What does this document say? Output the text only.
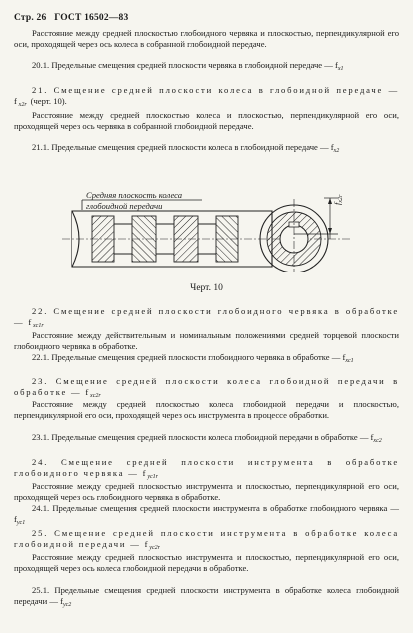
Стр. 26 ГОСТ 16502—83

Расстояние между средней плоскостью глобоидного червяка и плоскостью, перпендикулярной его оси, проходящей через ось колеса в собранной глобоидной передаче.

20.1. Предельные смещения средней плоскости червяка в глобоидной передаче — $f_{x1}$

21. Смещение средней плоскости колеса в глобоидной передаче — $f_{x2r}$ (черт. 10).

Расстояние между средней плоскостью колеса и плоскостью, перпендикулярной его оси, проходящей через ось червяка в собранной глобоидной передаче.

21.1. Предельные смещения средней плоскости колеса в глобоидной передаче — $f_{x2}$

Средняя плоскость колеса
глобоидной передачи	$f_{x2r}$
Черт. 10

22. Смещение средней плоскости глобоидного червяка в обработке — $f_{xc1r}$

Расстояние между действительным и номинальным положениями средней торцевой плоскости глобоидного червяка в обработке.

22.1. Предельные смещения средней плоскости глобоидного червяка в обработке — $f_{xc1}$

23. Смещение средней плоскости колеса глобоидной передачи в обработке — $f_{xc2r}$

Расстояние между средней плоскостью колеса глобоидной передачи и плоскостью, перпендикулярной его оси, проходящей через ось инструмента в процессе обработки.

23.1. Предельные смещения средней плоскости колеса глобоидной передачи в обработке — $f_{xc2}$

24. Смещение средней плоскости инструмента в обработке глобоидного червяка — $f_{yc1r}$

Расстояние между средней плоскостью инструмента и плоскостью, перпендикулярной его оси, проходящей через ось глобоидного червяка в обработке.

24.1. Предельные смещения средней плоскости инструмента в обработке глобоидного червяка — $f_{yc1}$

25. Смещение средней плоскости инструмента в обработке колеса глобоидной передачи — $f_{yc2r}$

Расстояние между средней плоскостью инструмента и плоскостью, перпендикулярной его оси, проходящей через ось колеса глобоидной передачи в обработке.

25.1. Предельные смещения средней плоскости инструмента в обработке колеса глобоидной передачи — $f_{yc2}$
